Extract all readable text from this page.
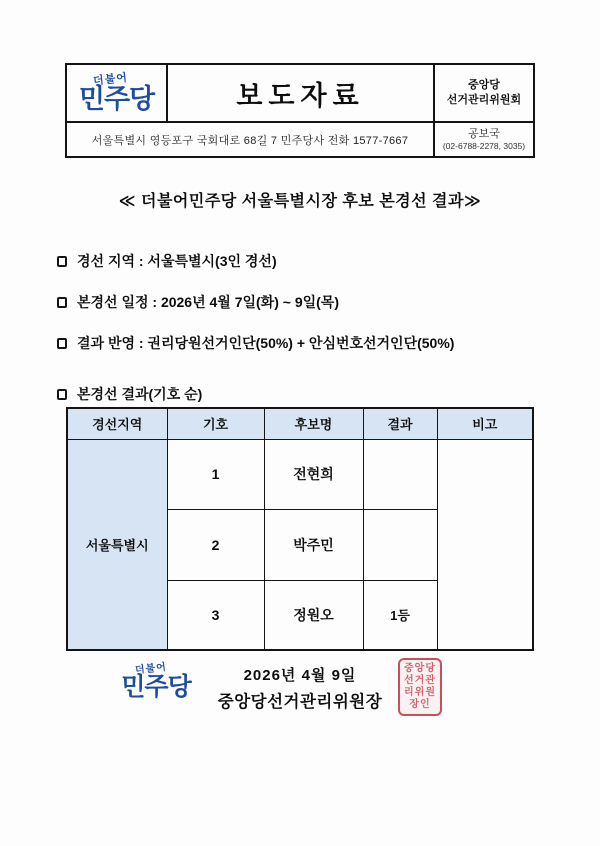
더불어
민주당	보도자료	중앙당
선거관리위원회

서울특별시 영등포구 국회대로 68길 7 민주당사 전화 1577-7667		공보국
(02-6788-2278, 3035)
≪ 더불어민주당 서울특별시장 후보 본경선 결과≫
경선 지역 : 서울특별시(3인 경선)
본경선 일정 : 2026년 4월 7일(화) ~ 9일(목)
결과 반영 : 권리당원선거인단(50%) + 안심번호선거인단(50%)
본경선 결과(기호 순)
경선지역	기호	후보명	결과	비고
서울특별시	1	전현희		
	2	박주민		
	3	정원오	1등	
더불어
민주당	2026년 4월 9일
중앙당선거관리위원장
중앙당
선거관
리위원
장인
